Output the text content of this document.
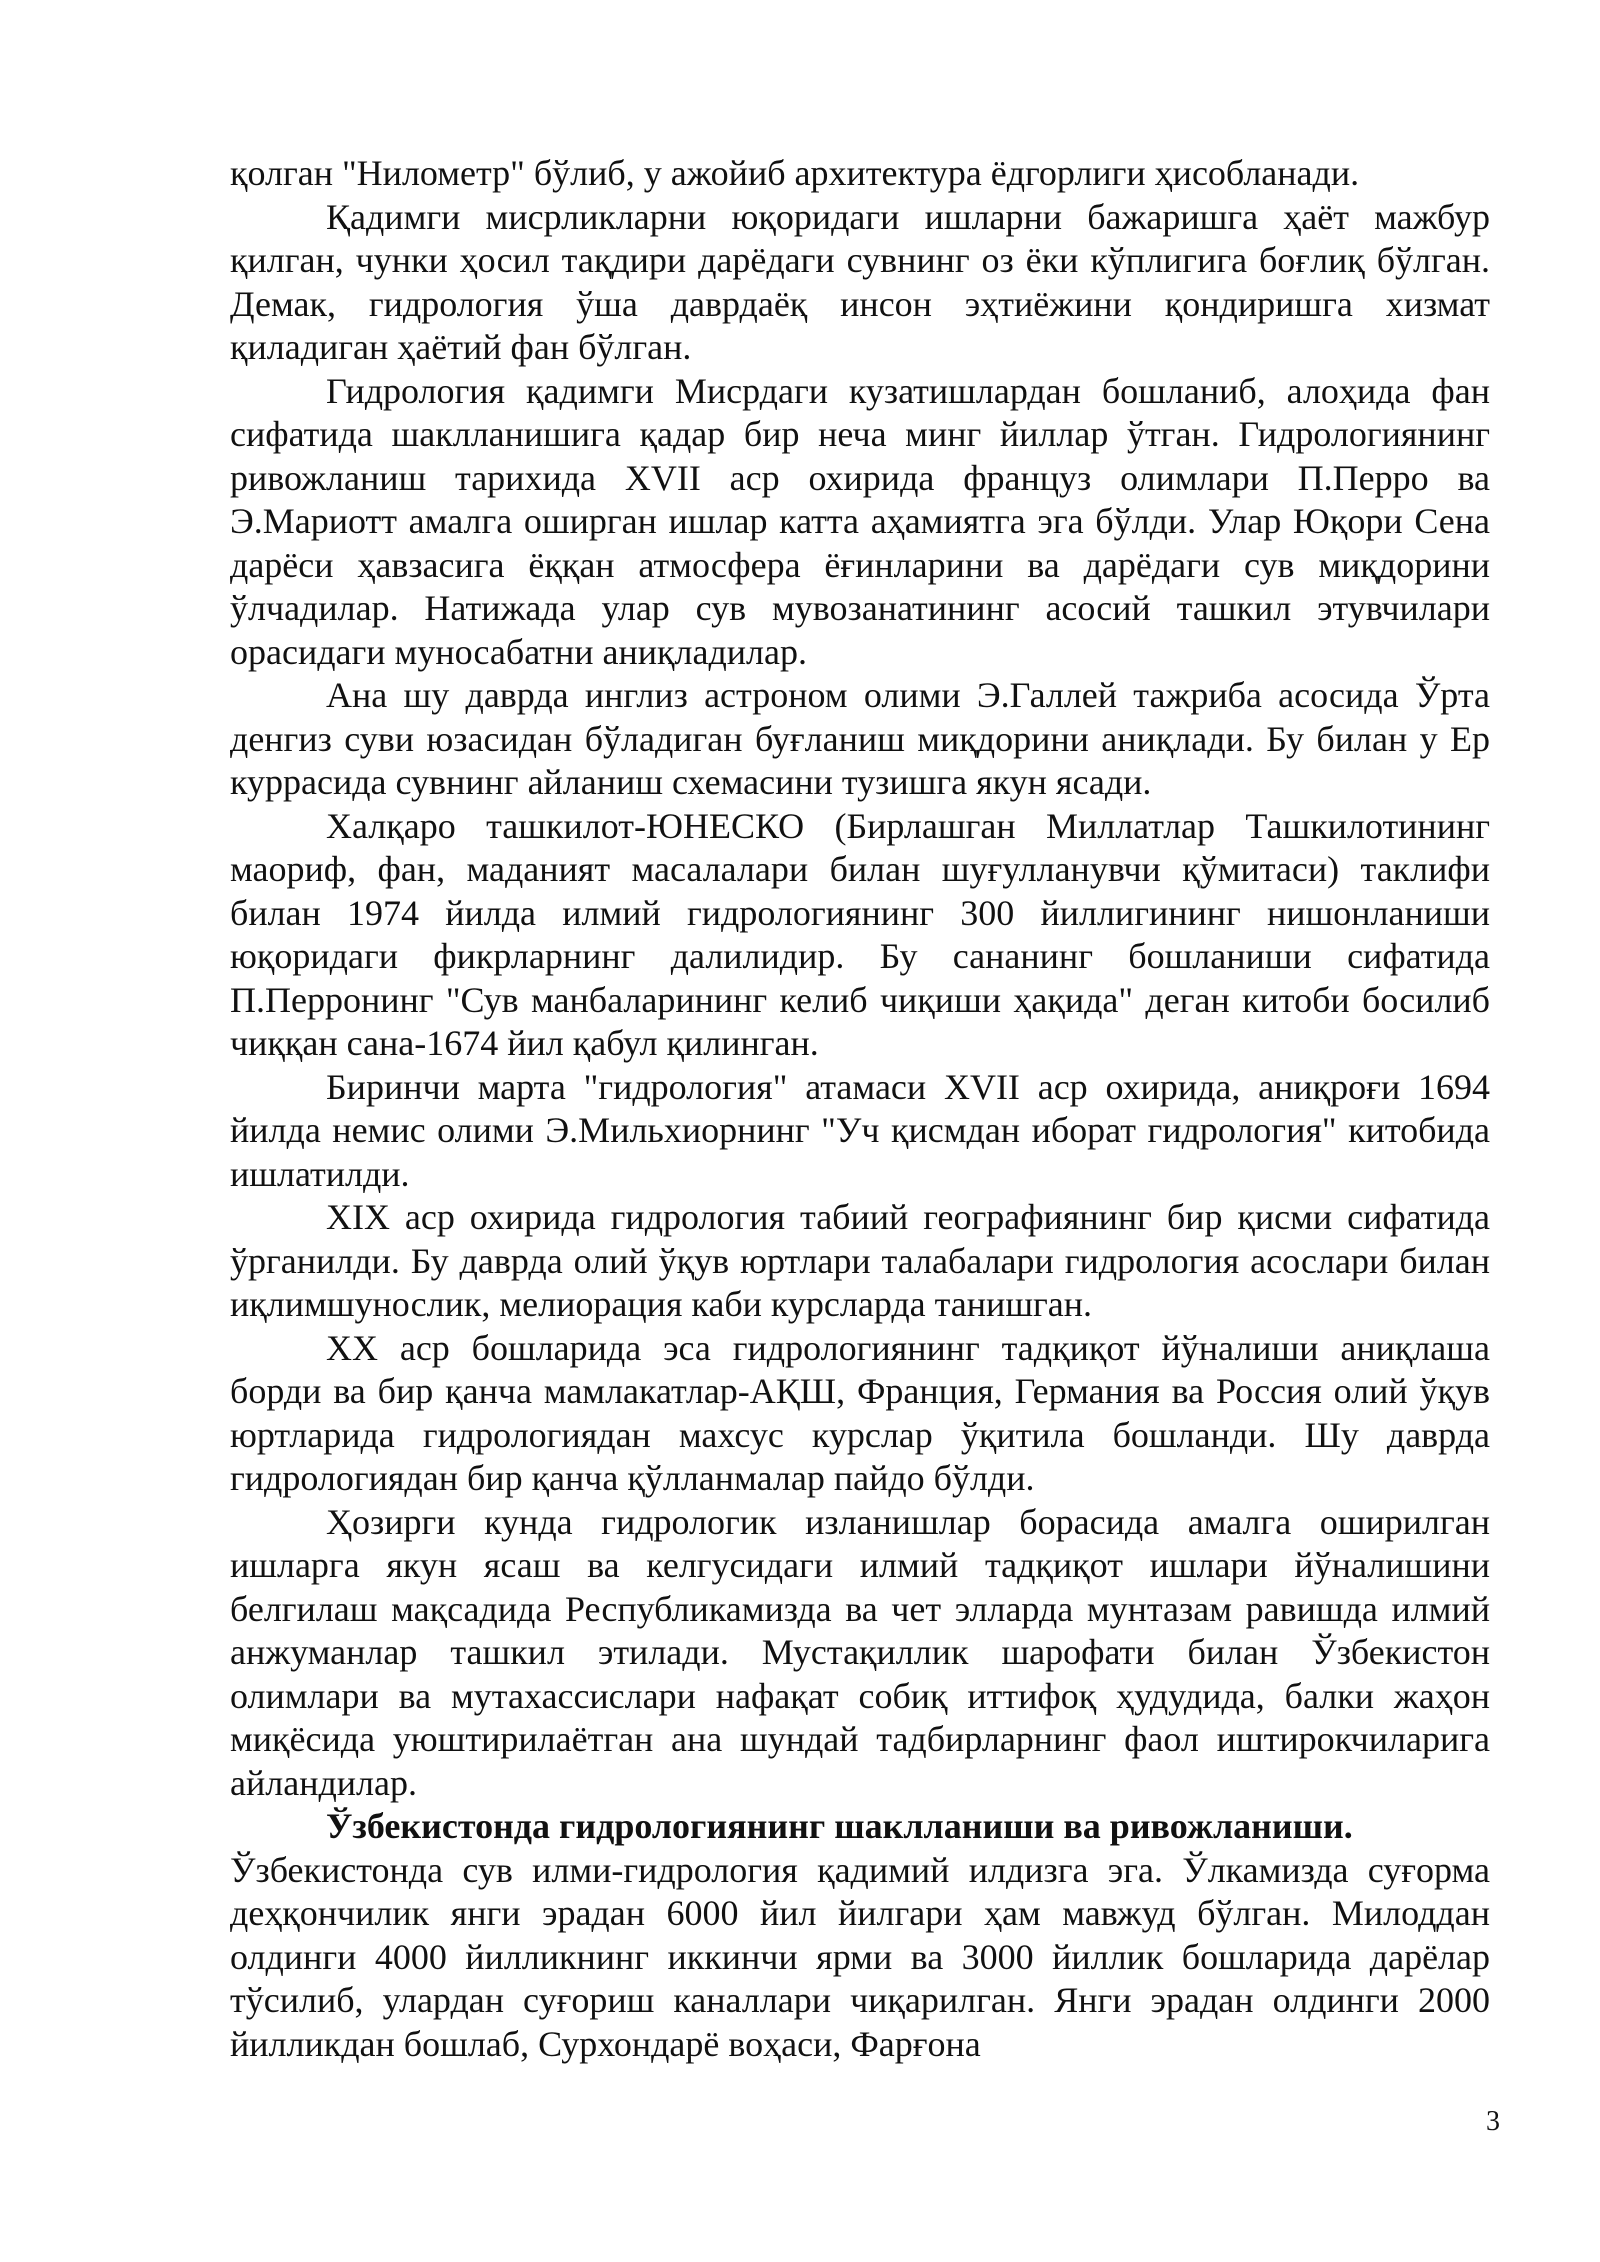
қолган "Нилометр" бўлиб, у ажойиб архитектура ёдгорлиги ҳисобланади.

Қадимги мисрликларни юқоридаги ишларни бажаришга ҳаёт мажбур қилган, чунки ҳосил тақдири дарёдаги сувнинг оз ёки кўплигига боғлиқ бўлган. Демак, гидрология ўша даврдаёқ инсон эҳтиёжини қондиришга хизмат қиладиган ҳаётий фан бўлган.

Гидрология қадимги Мисрдаги кузатишлардан бошланиб, алоҳида фан сифатида шаклланишига қадар бир неча минг йиллар ўтган. Гидрологиянинг ривожланиш тарихида XVII аср охирида француз олимлари П.Перро ва Э.Мариотт амалга оширган ишлар катта аҳамиятга эга бўлди. Улар Юқори Сена дарёси ҳавзасига ёққан атмосфера ёғинларини ва дарёдаги сув миқдорини ўлчадилар. Натижада улар сув мувозанатининг асосий ташкил этувчилари орасидаги муносабатни аниқладилар.

Ана шу даврда инглиз астроном олими Э.Галлей тажриба асосида Ўрта денгиз суви юзасидан бўладиган буғланиш миқдорини аниқлади. Бу билан у Ер куррасида сувнинг айланиш схемасини тузишга якун ясади.

Халқаро ташкилот-ЮНЕСКО (Бирлашган Миллатлар Ташкилотининг маориф, фан, маданият масалалари билан шуғулланувчи қўмитаси) таклифи билан 1974 йилда илмий гидрологиянинг 300 йиллигининг нишонланиши юқоридаги фикрларнинг далилидир. Бу сананинг бошланиши сифатида П.Перронинг "Сув манбаларининг келиб чиқиши ҳақида" деган китоби босилиб чиққан сана-1674 йил қабул қилинган.

Биринчи марта "гидрология" атамаси XVII аср охирида, аниқроғи 1694 йилда немис олими Э.Мильхиорнинг "Уч қисмдан иборат гидрология" китобида ишлатилди.

XIX аср охирида гидрология табиий географиянинг бир қисми сифатида ўрганилди. Бу даврда олий ўқув юртлари талабалари гидрология асослари билан иқлимшунослик, мелиорация каби курсларда танишган.

XX аср бошларида эса гидрологиянинг тадқиқот йўналиши аниқлаша борди ва бир қанча мамлакатлар-АҚШ, Франция, Германия ва Россия олий ўқув юртларида гидрологиядан махсус курслар ўқитила бошланди. Шу даврда гидрологиядан бир қанча қўлланмалар пайдо бўлди.

Ҳозирги кунда гидрологик изланишлар борасида амалга оширилган ишларга якун ясаш ва келгусидаги илмий тадқиқот ишлари йўналишини белгилаш мақсадида Республикамизда ва чет элларда мунтазам равишда илмий анжуманлар ташкил этилади. Мустақиллик шарофати билан Ўзбекистон олимлари ва мутахассислари нафақат собиқ иттифоқ ҳудудида, балки жаҳон миқёсида уюштирилаётган ана шундай тадбирларнинг фаол иштирокчиларига айландилар.

Ўзбекистонда гидрологиянинг шаклланиши ва ривожланиши.
Ўзбекистонда сув илми-гидрология қадимий илдизга эга. Ўлкамизда суғорма деҳқончилик янги эрадан 6000 йил йилгари ҳам мавжуд бўлган. Милоддан олдинги 4000 йилликнинг иккинчи ярми ва 3000 йиллик бошларида дарёлар тўсилиб, улардан суғориш каналлари чиқарилган. Янги эрадан олдинги 2000 йилликдан бошлаб, Сурхондарё воҳаси, Фарғона

3
